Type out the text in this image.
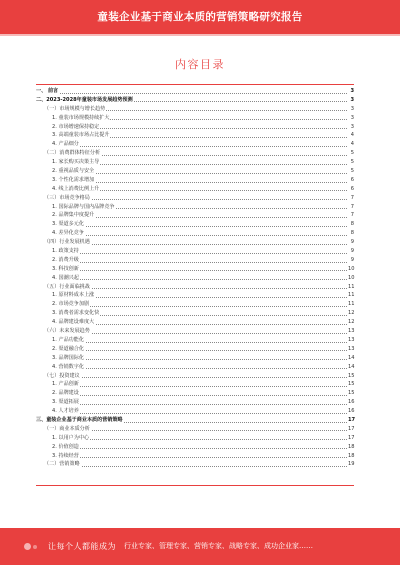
童装企业基于商业本质的营销策略研究报告
内容目录
一、 前言	3
二、2023-2028年童装市场发展趋势预测	3
（一）市场规模与增长趋势	3
1. 童装市场规模持续扩大	3
2. 市场增速保持稳定	3
3. 高端童装市场占比提升	4
4. 产品细分	4
（二）消费群体特征分析	5
1. 家长购买决策主导	5
2. 重视品质与安全	5
3. 个性化需求增加	6
4. 线上消费比例上升	6
（三）市场竞争格局	7
1. 国际品牌与国内品牌竞争	7
2. 品牌集中度提升	7
3. 渠道多元化	8
4. 差异化竞争	8
（四）行业发展机遇	9
1. 政策支持	9
2. 消费升级	9
3. 科技创新	10
4. 国潮兴起	10
（五）行业面临挑战	11
1. 原材料成本上涨	11
2. 市场竞争加剧	11
3. 消费者需求变化快	12
4. 品牌建设难度大	12
（六）未来发展趋势	13
1. 产品功能化	13
2. 渠道融合化	13
3. 品牌国际化	14
4. 营销数字化	14
（七）投资建议	15
1. 产品创新	15
2. 品牌建设	15
3. 渠道拓展	16
4. 人才培养	16
三、童装企业基于商业本质的营销策略	17
（一）商业本质分析	17
1. 以用户为中心	17
2. 价值创造	18
3. 持续经营	18
（二）营销策略	19
让每个人都能成为 行业专家、管理专家、营销专家、战略专家、成功企业家……
